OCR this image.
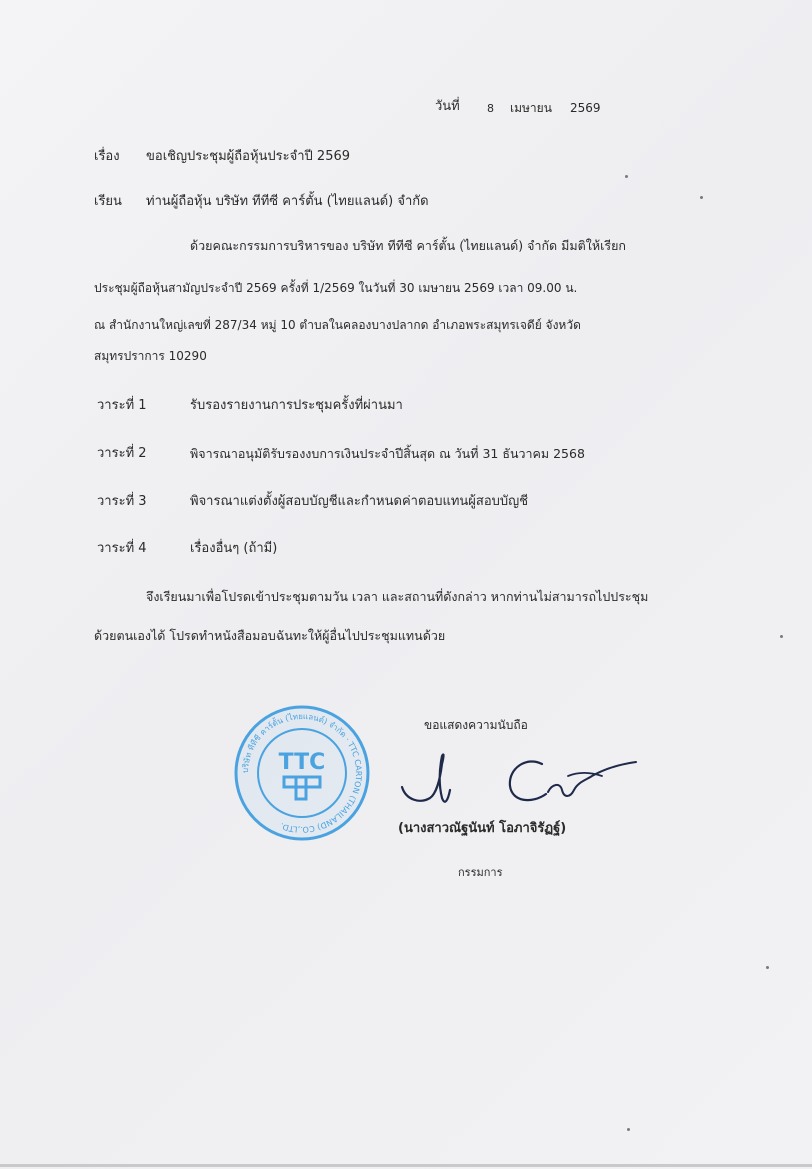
วันที่ 8 เมษายน 2569
เรื่อง ขอเชิญประชุมผู้ถือหุ้นประจำปี 2569
เรียน ท่านผู้ถือหุ้น บริษัท ทีทีซี คาร์ตั้น (ไทยแลนด์) จำกัด
ด้วยคณะกรรมการบริหารของ บริษัท ทีทีซี คาร์ตั้น (ไทยแลนด์) จำกัด มีมติให้เรียก
ประชุมผู้ถือหุ้นสามัญประจำปี 2569 ครั้งที่ 1/2569 ในวันที่ 30 เมษายน 2569 เวลา 09.00 น.
ณ สำนักงานใหญ่เลขที่ 287/34 หมู่ 10 ตำบลในคลองบางปลากด อำเภอพระสมุทรเจดีย์ จังหวัด
สมุทรปราการ 10290
วาระที่ 1	รับรองรายงานการประชุมครั้งที่ผ่านมา
วาระที่ 2	พิจารณาอนุมัติรับรองงบการเงินประจำปีสิ้นสุด ณ วันที่ 31 ธันวาคม 2568
วาระที่ 3	พิจารณาแต่งตั้งผู้สอบบัญชีและกำหนดค่าตอบแทนผู้สอบบัญชี
วาระที่ 4	เรื่องอื่นๆ (ถ้ามี)
จึงเรียนมาเพื่อโปรดเข้าประชุมตามวัน เวลา และสถานที่ดังกล่าว หากท่านไม่สามารถไปประชุม
ด้วยตนเองได้ โปรดทำหนังสือมอบฉันทะให้ผู้อื่นไปประชุมแทนด้วย
บริษัท ทีทีซี คาร์ตั้น (ไทยแลนด์) จำกัด · TTC CARTON (THAILAND) CO.,LTD.
TTC
ขอแสดงความนับถือ
(นางสาวณัฐนันท์ โอภาจิรัฏฐ์)
กรรมการ
